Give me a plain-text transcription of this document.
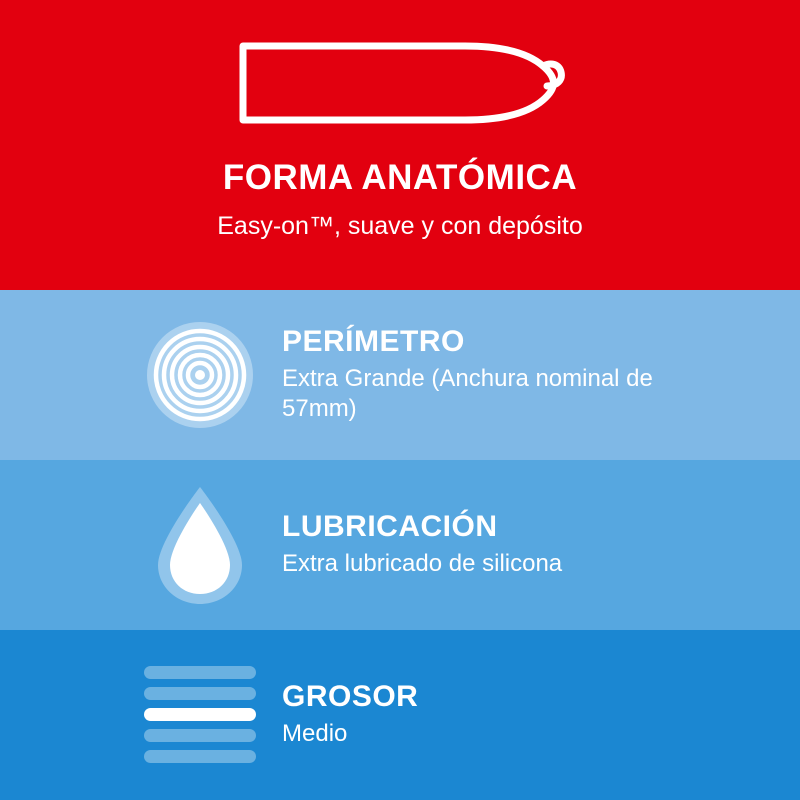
FORMA ANATÓMICA
Easy-on™, suave y con depósito
PERÍMETRO
Extra Grande (Anchura nominal de 57mm)
LUBRICACIÓN
Extra lubricado de silicona
GROSOR
Medio
